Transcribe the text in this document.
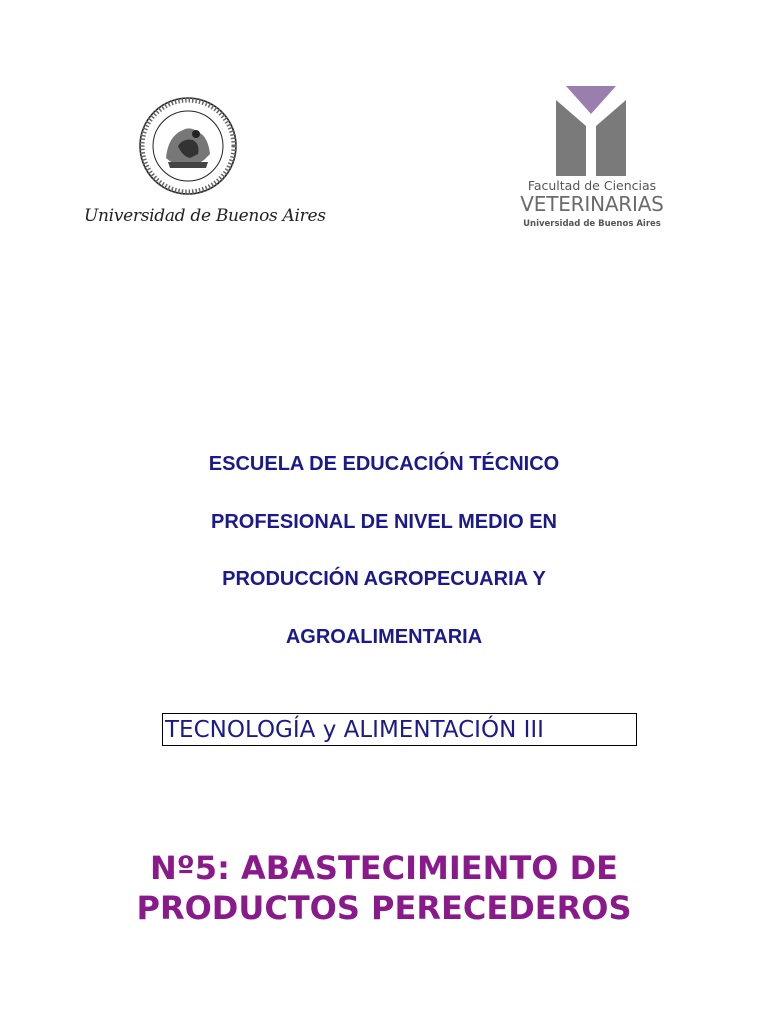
Universidad de Buenos Aires
Facultad de Ciencias
VETERINARIAS
Universidad de Buenos Aires
ESCUELA DE EDUCACIÓN TÉCNICO
PROFESIONAL DE NIVEL MEDIO EN
PRODUCCIÓN AGROPECUARIA Y
AGROALIMENTARIA
TECNOLOGÍA y ALIMENTACIÓN III
Nº5: ABASTECIMIENTO DE
PRODUCTOS PERECEDEROS
